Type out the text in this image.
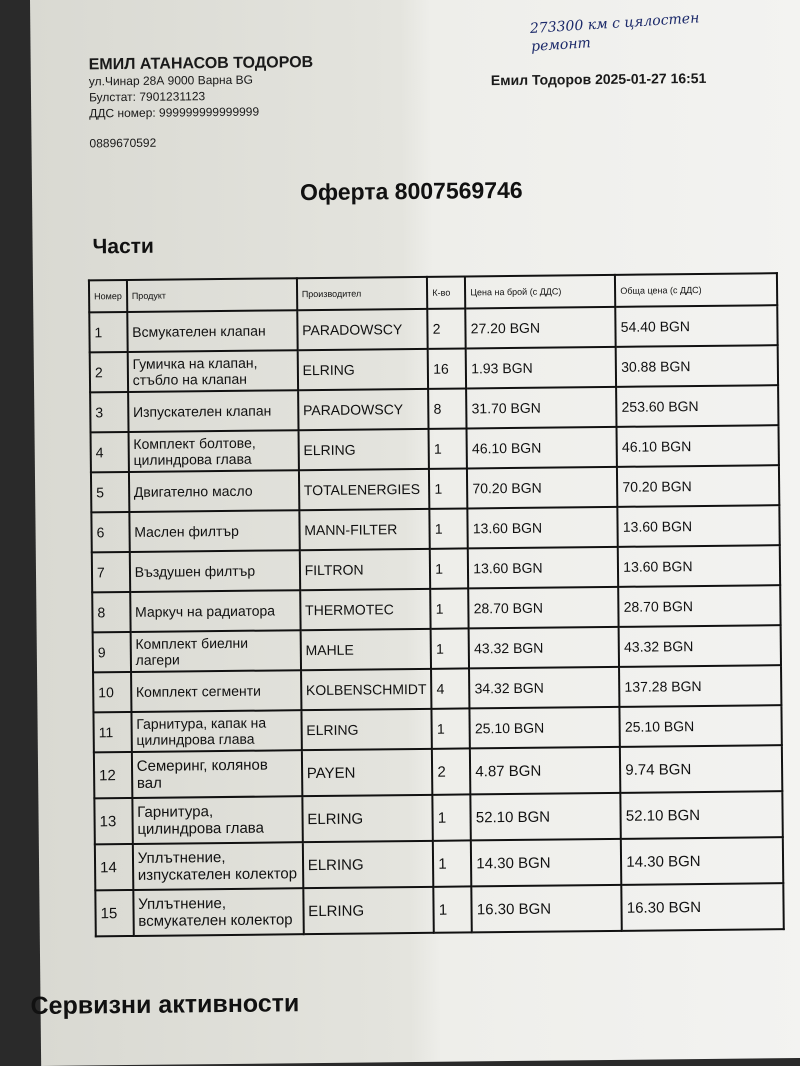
273300 км с цялостен ремонт
ЕМИЛ АТАНАСОВ ТОДОРОВ
ул.Чинар 28А 9000 Варна BG
Булстат: 7901231123
ДДС номер: 999999999999999
0889670592
Емил Тодоров 2025-01-27 16:51
Оферта 8007569746
Части
Номер	Продукт	Производител	К-во	Цена на брой (с ДДС)	Обща цена (с ДДС)
1	Всмукателен клапан	PARADOWSCY	2	27.20 BGN	54.40 BGN
2	Гумичка на клапан, стъбло на клапан	ELRING	16	1.93 BGN	30.88 BGN
3	Изпускателен клапан	PARADOWSCY	8	31.70 BGN	253.60 BGN
4	Комплект болтове, цилиндрова глава	ELRING	1	46.10 BGN	46.10 BGN
5	Двигателно масло	TOTALENERGIES	1	70.20 BGN	70.20 BGN
6	Маслен филтър	MANN-FILTER	1	13.60 BGN	13.60 BGN
7	Въздушен филтър	FILTRON	1	13.60 BGN	13.60 BGN
8	Маркуч на радиатора	THERMOTEC	1	28.70 BGN	28.70 BGN
9	Комплект биелни лагери	MAHLE	1	43.32 BGN	43.32 BGN
10	Комплект сегменти	KOLBENSCHMIDT	4	34.32 BGN	137.28 BGN
11	Гарнитура, капак на цилиндрова глава	ELRING	1	25.10 BGN	25.10 BGN
12	Семеринг, колянов вал	PAYEN	2	4.87 BGN	9.74 BGN
13	Гарнитура, цилиндрова глава	ELRING	1	52.10 BGN	52.10 BGN
14	Уплътнение, изпускателен колектор	ELRING	1	14.30 BGN	14.30 BGN
15	Уплътнение, всмукателен колектор	ELRING	1	16.30 BGN	16.30 BGN
Сервизни активности
